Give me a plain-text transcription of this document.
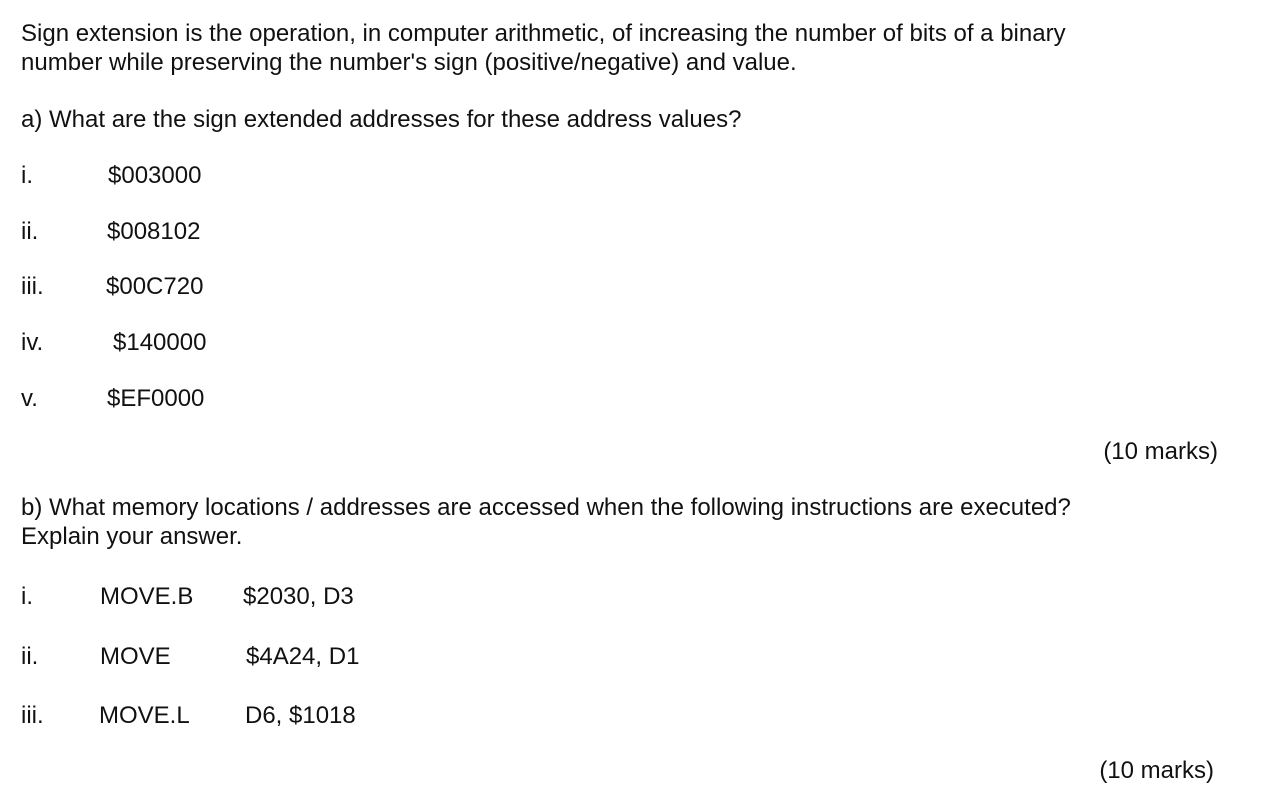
Sign extension is the operation, in computer arithmetic, of increasing the number of bits of a binary
number while preserving the number's sign (positive/negative) and value.

a) What are the sign extended addresses for these address values?

i.	$003000
ii.	$008102
iii.	$00C720
iv.	$140000
v.	$EF0000
(10 marks)

b) What memory locations / addresses are accessed when the following instructions are executed?
Explain your answer.

i.	MOVE.B $2030, D3
ii.	MOVE	$4A24, D1
iii. MOVE.L D6, $1018
(10 marks)
